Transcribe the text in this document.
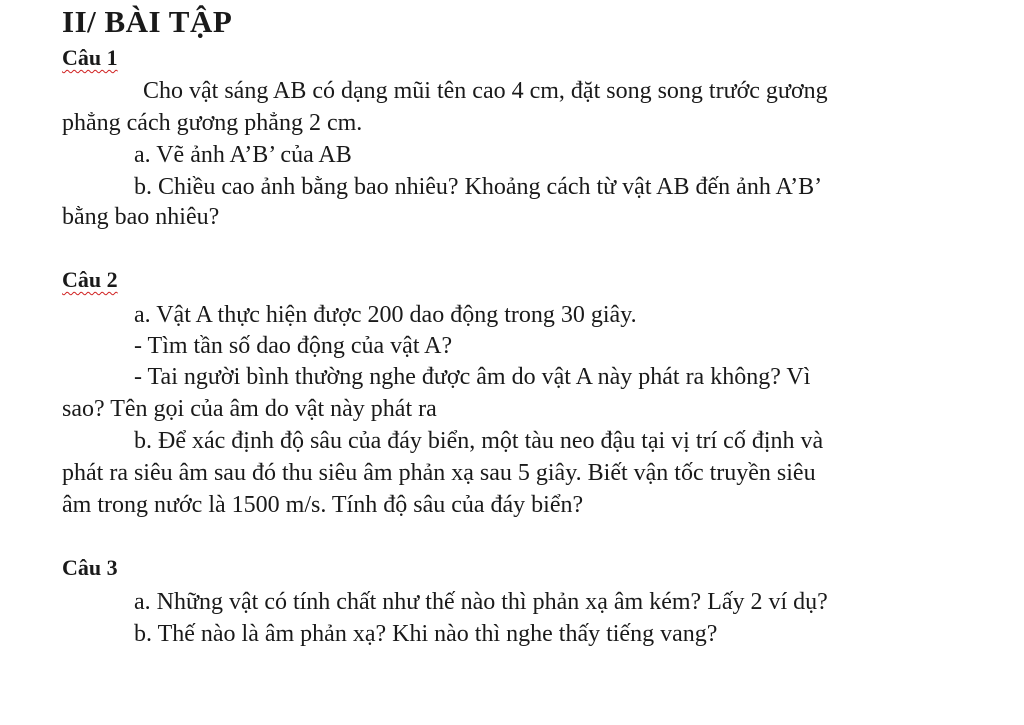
II/ BÀI TẬP
Câu 1
Cho vật sáng AB có dạng mũi tên cao 4 cm, đặt song song trước gương
phẳng cách gương phẳng 2 cm.
a. Vẽ ảnh A’B’ của AB
b. Chiều cao ảnh bằng bao nhiêu? Khoảng cách từ vật AB đến ảnh A’B’
bằng bao nhiêu?
Câu 2
a. Vật A thực hiện được 200 dao động trong 30 giây.
- Tìm tần số dao động của vật A?
- Tai người bình thường nghe được âm do vật A này phát ra không? Vì
sao? Tên gọi của âm do vật này phát ra
b. Để xác định độ sâu của đáy biển, một tàu neo đậu tại vị trí cố định và
phát ra siêu âm sau đó thu siêu âm phản xạ sau 5 giây. Biết vận tốc truyền siêu
âm trong nước là 1500 m/s. Tính độ sâu của đáy biển?
Câu 3
a. Những vật có tính chất như thế nào thì phản xạ âm kém? Lấy 2 ví dụ?
b. Thế nào là âm phản xạ? Khi nào thì nghe thấy tiếng vang?
